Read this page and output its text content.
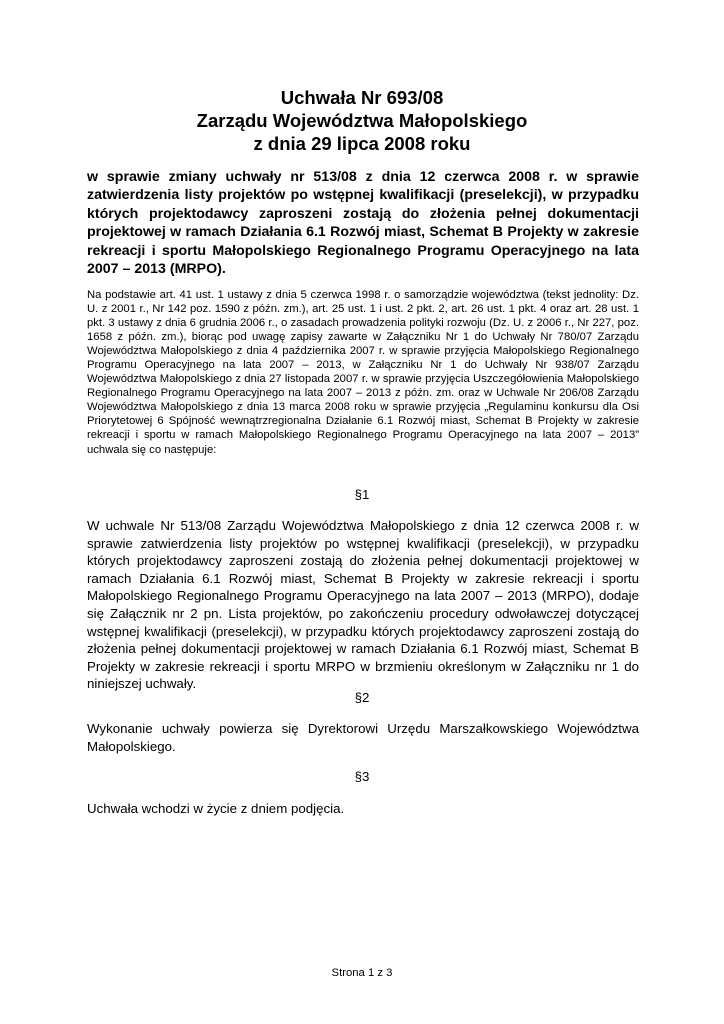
Uchwała Nr 693/08
Zarządu Województwa Małopolskiego
z dnia 29 lipca 2008 roku
w sprawie zmiany uchwały nr 513/08 z dnia 12 czerwca 2008 r. w sprawie zatwierdzenia listy projektów po wstępnej kwalifikacji (preselekcji), w przypadku których projektodawcy zaproszeni zostają do złożenia pełnej dokumentacji projektowej w ramach Działania 6.1 Rozwój miast, Schemat B Projekty w zakresie rekreacji i sportu Małopolskiego Regionalnego Programu Operacyjnego na lata 2007 – 2013 (MRPO).
Na podstawie art. 41 ust. 1 ustawy z dnia 5 czerwca 1998 r. o samorządzie województwa (tekst jednolity: Dz. U. z 2001 r., Nr 142 poz. 1590 z późn. zm.), art. 25 ust. 1 i ust. 2 pkt. 2, art. 26 ust. 1 pkt. 4 oraz art. 28 ust. 1 pkt. 3 ustawy z dnia 6 grudnia 2006 r., o zasadach prowadzenia polityki rozwoju (Dz. U. z 2006 r., Nr 227, poz. 1658 z późn. zm.), biorąc pod uwagę zapisy zawarte w Załączniku Nr 1 do Uchwały Nr 780/07 Zarządu Województwa Małopolskiego z dnia 4 października 2007 r. w sprawie przyjęcia Małopolskiego Regionalnego Programu Operacyjnego na lata 2007 – 2013, w Załączniku Nr 1 do Uchwały Nr 938/07 Zarządu Województwa Małopolskiego z dnia 27 listopada 2007 r. w sprawie przyjęcia Uszczegółowienia Małopolskiego Regionalnego Programu Operacyjnego na lata 2007 – 2013 z późn. zm. oraz w Uchwale Nr 206/08 Zarządu Województwa Małopolskiego z dnia 13 marca 2008 roku w sprawie przyjęcia „Regulaminu konkursu dla Osi Priorytetowej 6 Spójność wewnątrzregionalna Działanie 6.1 Rozwój miast, Schemat B Projekty w zakresie rekreacji i sportu w ramach Małopolskiego Regionalnego Programu Operacyjnego na lata 2007 – 2013” uchwala się co następuje:
§1
W uchwale Nr 513/08 Zarządu Województwa Małopolskiego z dnia 12 czerwca 2008 r. w sprawie zatwierdzenia listy projektów po wstępnej kwalifikacji (preselekcji), w przypadku których projektodawcy zaproszeni zostają do złożenia pełnej dokumentacji projektowej w ramach Działania 6.1 Rozwój miast, Schemat B Projekty w zakresie rekreacji i sportu Małopolskiego Regionalnego Programu Operacyjnego na lata 2007 – 2013 (MRPO), dodaje się Załącznik nr 2 pn. Lista projektów, po zakończeniu procedury odwoławczej dotyczącej wstępnej kwalifikacji (preselekcji), w przypadku których projektodawcy zaproszeni zostają do złożenia pełnej dokumentacji projektowej w ramach Działania 6.1 Rozwój miast, Schemat B Projekty w zakresie rekreacji i sportu MRPO w brzmieniu określonym w Załączniku nr 1 do niniejszej uchwały.
§2
Wykonanie uchwały powierza się Dyrektorowi Urzędu Marszałkowskiego Województwa Małopolskiego.
§3
Uchwała wchodzi w życie z dniem podjęcia.
Strona 1 z 3
